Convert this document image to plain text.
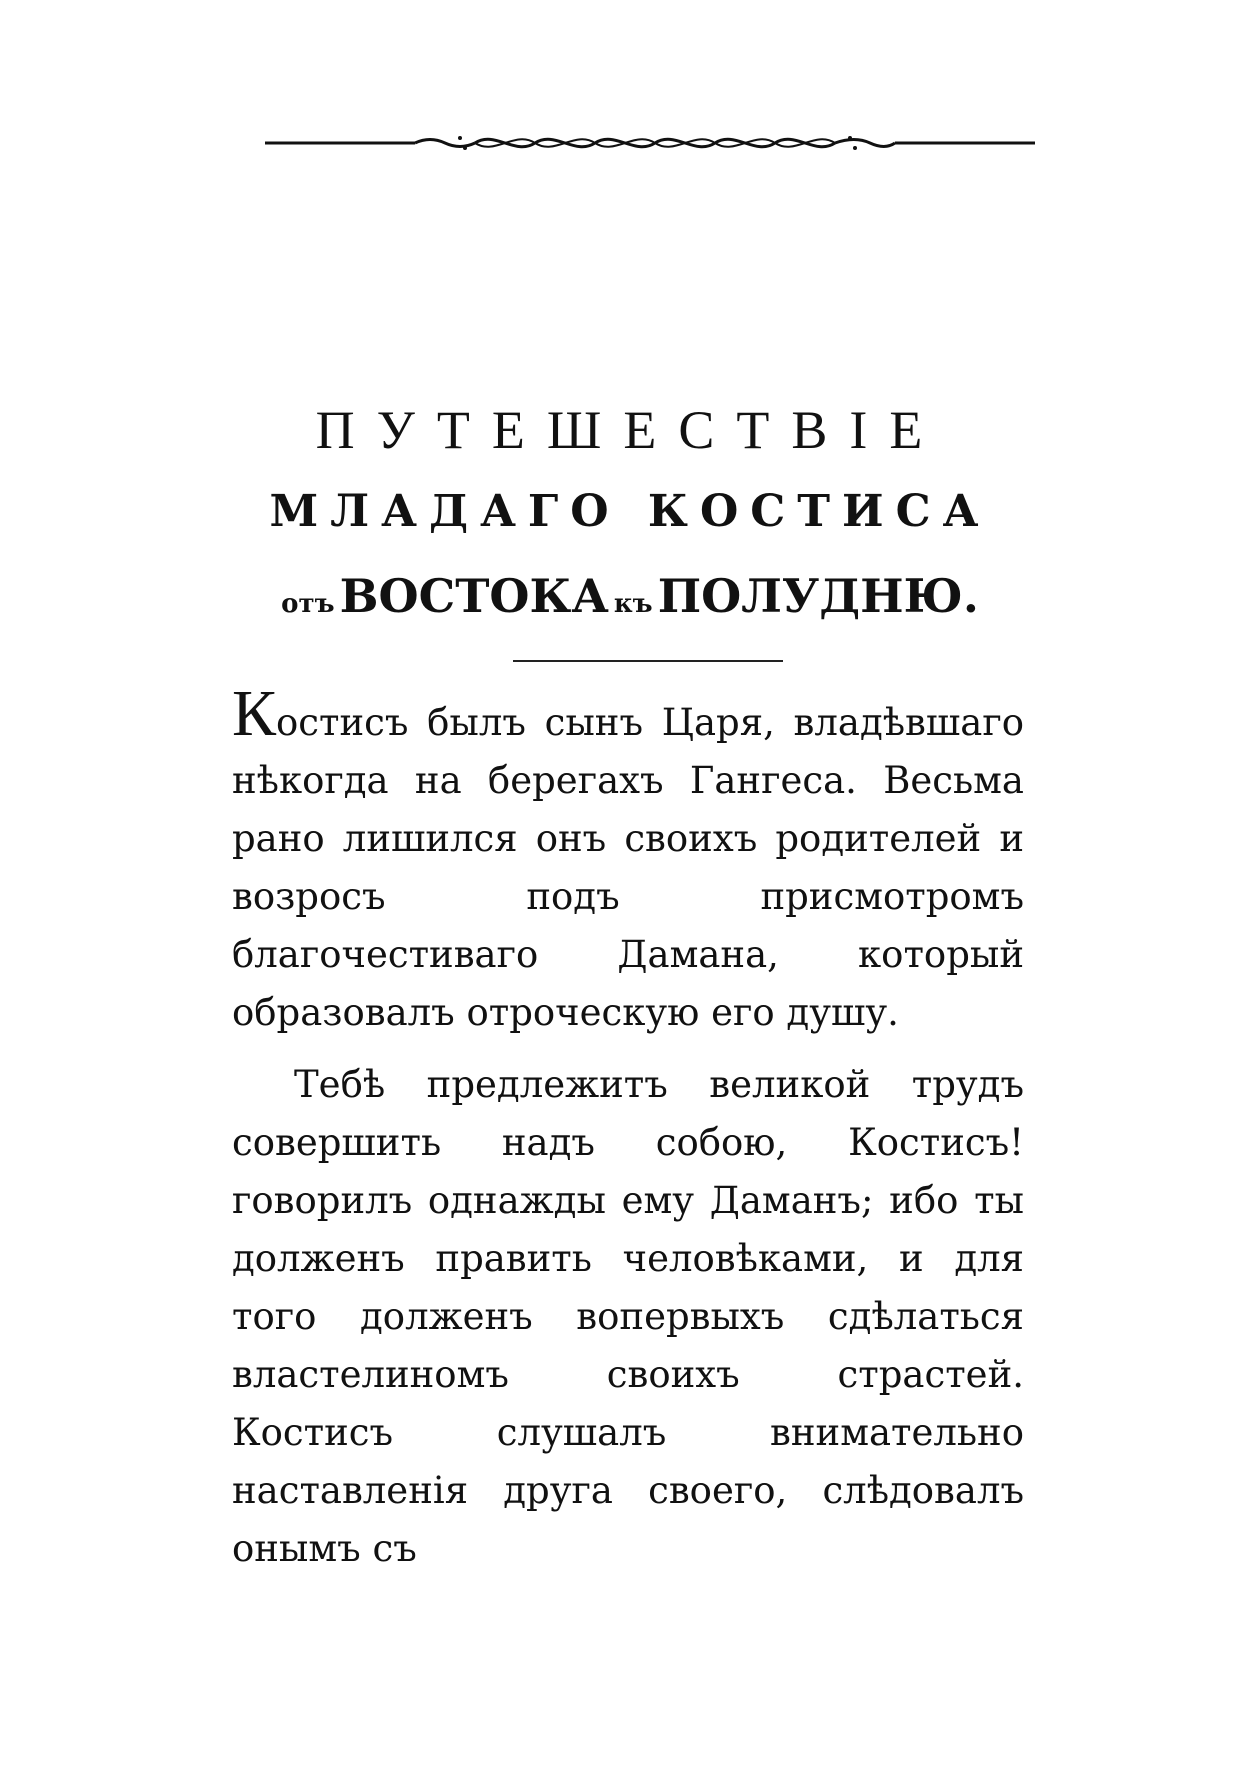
ПУТЕШЕСТВІЕ
МЛАДАГО КОСТИСА
отъ ВОСТОКА къ ПОЛУДНЮ.

Костисъ былъ сынъ Царя, владѣвшаго нѣкогда на берегахъ Гангеса. Весьма рано лишился онъ своихъ родителей и возросъ подъ присмотромъ благочестиваго Дамана, который образовалъ отроческую его душу.

Тебѣ предлежитъ великой трудъ совершить надъ собою, Костисъ! говорилъ однажды ему Даманъ; ибо ты долженъ править человѣками, и для того долженъ вопервыхъ сдѣлаться властелиномъ своихъ страстей. Костисъ слушалъ внимательно наставленія друга своего, слѣдовалъ онымъ съ
